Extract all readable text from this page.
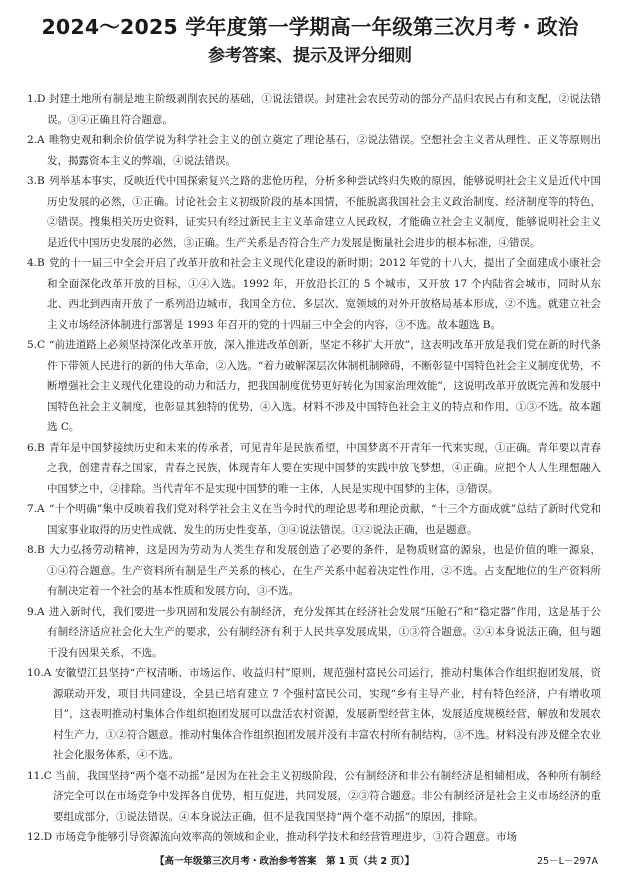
2024～2025 学年度第一学期高一年级第三次月考・政治
参考答案、提示及评分细则

1.D 封建土地所有制是地主阶级剥削农民的基础，①说法错误。封建社会农民劳动的部分产品归农民占有和支配，②说法错误。③④正确且符合题意。

2.A 唯物史观和剩余价值学说为科学社会主义的创立奠定了理论基石，②说法错误。空想社会主义者从理性、正义等原则出发，揭露资本主义的弊端，④说法错误。

3.B 列举基本事实，反映近代中国探索复兴之路的悲怆历程，分析多种尝试终归失败的原因，能够说明社会主义是近代中国历史发展的必然，①正确。讨论社会主义初级阶段的基本国情，不能脱离我国社会主义政治制度、经济制度等的特色，②错误。搜集相关历史资料，证实只有经过新民主主义革命建立人民政权，才能确立社会主义制度，能够说明社会主义是近代中国历史发展的必然，③正确。生产关系是否符合生产力发展是衡量社会进步的根本标准，④错误。

4.B 党的十一届三中全会开启了改革开放和社会主义现代化建设的新时期；2012 年党的十八大，提出了全面建成小康社会和全面深化改革开放的目标，①④入选。1992 年，开放沿长江的 5 个城市，又开放 17 个内陆省会城市，同时从东北、西北到西南开放了一系列沿边城市，我国全方位、多层次、宽领域的对外开放格局基本形成，②不选。就建立社会主义市场经济体制进行部署是 1993 年召开的党的十四届三中全会的内容，③不选。故本题选 B。

5.C “前进道路上必须坚持深化改革开放，深入推进改革创新，坚定不移扩大开放”，这表明改革开放是我们党在新的时代条件下带领人民进行的新的伟大革命，②入选。“着力破解深层次体制机制障碍，不断彰显中国特色社会主义制度优势，不断增强社会主义现代化建设的动力和活力，把我国制度优势更好转化为国家治理效能”，这说明改革开放既完善和发展中国特色社会主义制度，也彰显其独特的优势，④入选。材料不涉及中国特色社会主义的特点和作用，①③不选。故本题选 C。

6.B 青年是中国梦接续历史和未来的传承者，可见青年是民族希望，中国梦离不开青年一代来实现，①正确。青年要以青春之我，创建青春之国家，青春之民族，体现青年人要在实现中国梦的实践中放飞梦想，④正确。应把个人人生理想融入中国梦之中，②排除。当代青年不是实现中国梦的唯一主体，人民是实现中国梦的主体，③错误。

7.A “十个明确”集中反映着我们党对科学社会主义在当今时代的理论思考和理论贡献，“十三个方面成就”总结了新时代党和国家事业取得的历史性成就、发生的历史性变革，③④说法错误。①②说法正确，也是题意。

8.B 大力弘扬劳动精神，这是因为劳动为人类生存和发展创造了必要的条件，是物质财富的源泉，也是价值的唯一源泉，①④符合题意。生产资料所有制是生产关系的核心，在生产关系中起着决定性作用，②不选。占支配地位的生产资料所有制决定着一个社会的基本性质和发展方向，③不选。

9.A 进入新时代，我们要进一步巩固和发展公有制经济，充分发挥其在经济社会发展“压舱石”和“稳定器”作用，这是基于公有制经济适应社会化大生产的要求，公有制经济有利于人民共享发展成果，①③符合题意。②④本身说法正确，但与题干没有因果关系，不选。

10.A 安徽望江县坚持“产权清晰、市场运作、收益归村”原则，规范强村富民公司运行，推动村集体合作组织抱团发展，资源联动开发，项目共同建设，全县已培育建立 7 个强村富民公司，实现“乡有主导产业，村有特色经济，户有增收项目”，这表明推动村集体合作组织抱团发展可以盘活农村资源，发展新型经营主体，发展适度规模经营，解放和发展农村生产力，①②符合题意。推动村集体合作组织抱团发展并没有丰富农村所有制结构，③不选。材料没有涉及健全农业社会化服务体系，④不选。

11.C 当前，我国坚持“两个毫不动摇”是因为在社会主义初级阶段，公有制经济和非公有制经济是相辅相成，各种所有制经济完全可以在市场竞争中发挥各自优势，相互促进，共同发展，②③符合题意。非公有制经济是社会主义市场经济的重要组成部分，①说法错误。④本身说法正确，但不是我国坚持“两个毫不动摇”的原因，排除。

12.D 市场竞争能够引导资源流向效率高的领域和企业，推动科学技术和经营管理进步，③符合题意。市场

【高一年级第三次月考・政治参考答案　第 1 页（共 2 页）】	25－L－297A
